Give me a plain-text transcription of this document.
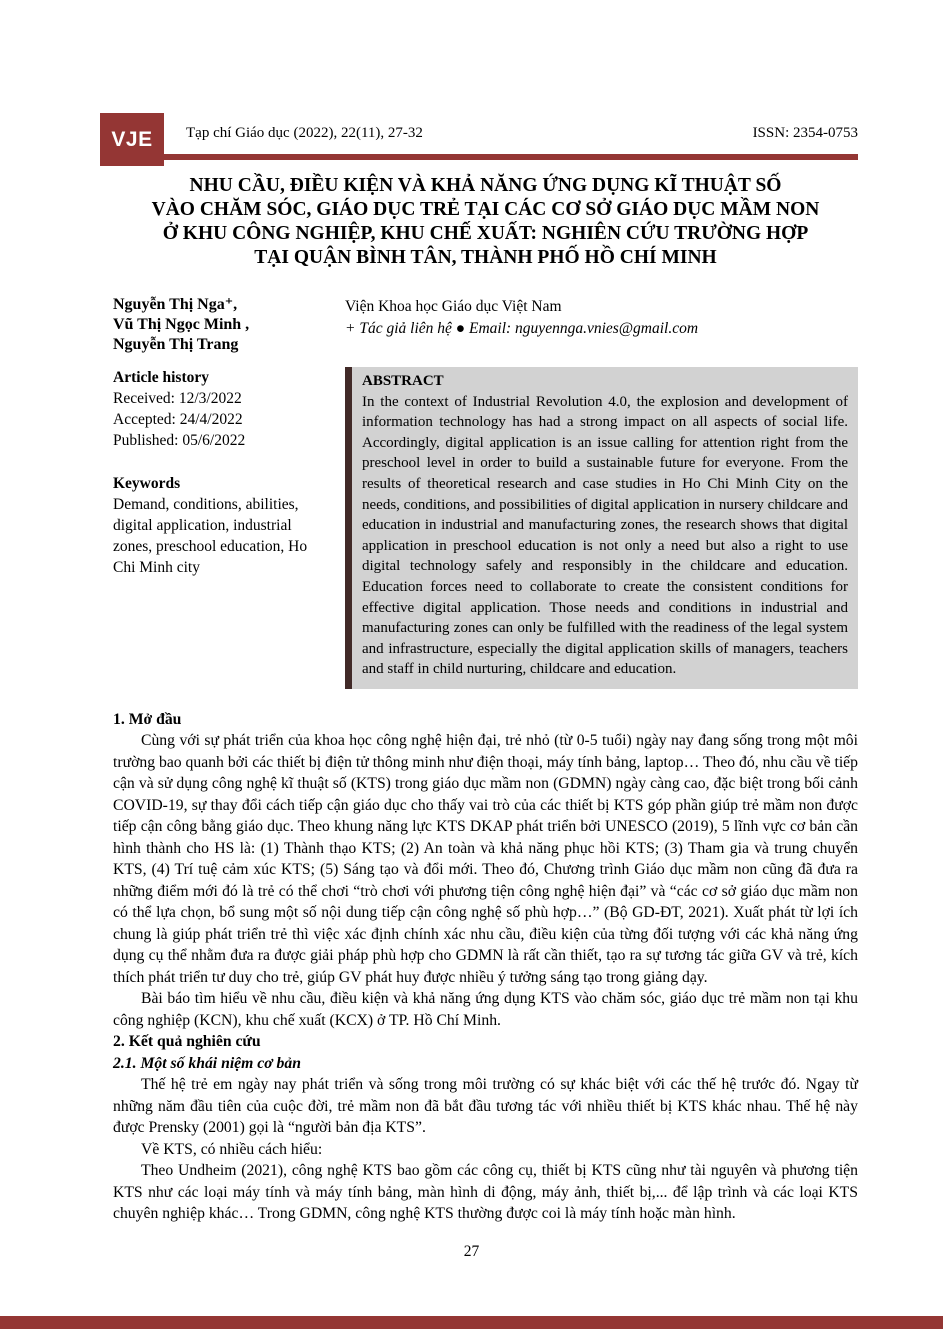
VJE	Tạp chí Giáo dục (2022), 22(11), 27-32	ISSN: 2354-0753
NHU CẦU, ĐIỀU KIỆN VÀ KHẢ NĂNG ỨNG DỤNG KĨ THUẬT SỐ
VÀO CHĂM SÓC, GIÁO DỤC TRẺ TẠI CÁC CƠ SỞ GIÁO DỤC MẦM NON
Ở KHU CÔNG NGHIỆP, KHU CHẾ XUẤT: NGHIÊN CỨU TRƯỜNG HỢP
TẠI QUẬN BÌNH TÂN, THÀNH PHỐ HỒ CHÍ MINH
Nguyễn Thị Nga⁺,
Vũ Thị Ngọc Minh ,
Nguyễn Thị Trang
Viện Khoa học Giáo dục Việt Nam
+ Tác giả liên hệ ● Email: nguyennga.vnies@gmail.com
Article history
Received: 12/3/2022
Accepted: 24/4/2022
Published: 05/6/2022
Keywords
Demand, conditions, abilities, digital application, industrial zones, preschool education, Ho Chi Minh city
ABSTRACT
In the context of Industrial Revolution 4.0, the explosion and development of information technology has had a strong impact on all aspects of social life. Accordingly, digital application is an issue calling for attention right from the preschool level in order to build a sustainable future for everyone. From the results of theoretical research and case studies in Ho Chi Minh City on the needs, conditions, and possibilities of digital application in nursery childcare and education in industrial and manufacturing zones, the research shows that digital application in preschool education is not only a need but also a right to use digital technology safely and responsibly in the childcare and education. Education forces need to collaborate to create the consistent conditions for effective digital application. Those needs and conditions in industrial and manufacturing zones can only be fulfilled with the readiness of the legal system and infrastructure, especially the digital application skills of managers, teachers and staff in child nurturing, childcare and education.
1. Mở đầu

Cùng với sự phát triển của khoa học công nghệ hiện đại, trẻ nhỏ (từ 0-5 tuổi) ngày nay đang sống trong một môi trường bao quanh bởi các thiết bị điện tử thông minh như điện thoại, máy tính bảng, laptop… Theo đó, nhu cầu về tiếp cận và sử dụng công nghệ kĩ thuật số (KTS) trong giáo dục mầm non (GDMN) ngày càng cao, đặc biệt trong bối cảnh COVID-19, sự thay đổi cách tiếp cận giáo dục cho thấy vai trò của các thiết bị KTS góp phần giúp trẻ mầm non được tiếp cận công bằng giáo dục. Theo khung năng lực KTS DKAP phát triển bởi UNESCO (2019), 5 lĩnh vực cơ bản cần hình thành cho HS là: (1) Thành thạo KTS; (2) An toàn và khả năng phục hồi KTS; (3) Tham gia và trung chuyển KTS, (4) Trí tuệ cảm xúc KTS; (5) Sáng tạo và đổi mới. Theo đó, Chương trình Giáo dục mầm non cũng đã đưa ra những điểm mới đó là trẻ có thể chơi “trò chơi với phương tiện công nghệ hiện đại” và “các cơ sở giáo dục mầm non có thể lựa chọn, bổ sung một số nội dung tiếp cận công nghệ số phù hợp…” (Bộ GD-ĐT, 2021). Xuất phát từ lợi ích chung là giúp phát triển trẻ thì việc xác định chính xác nhu cầu, điều kiện của từng đối tượng với các khả năng ứng dụng cụ thể nhằm đưa ra được giải pháp phù hợp cho GDMN là rất cần thiết, tạo ra sự tương tác giữa GV và trẻ, kích thích phát triển tư duy cho trẻ, giúp GV phát huy được nhiều ý tưởng sáng tạo trong giảng dạy.

Bài báo tìm hiểu về nhu cầu, điều kiện và khả năng ứng dụng KTS vào chăm sóc, giáo dục trẻ mầm non tại khu công nghiệp (KCN), khu chế xuất (KCX) ở TP. Hồ Chí Minh.

2. Kết quả nghiên cứu
2.1. Một số khái niệm cơ bản

Thế hệ trẻ em ngày nay phát triển và sống trong môi trường có sự khác biệt với các thế hệ trước đó. Ngay từ những năm đầu tiên của cuộc đời, trẻ mầm non đã bắt đầu tương tác với nhiều thiết bị KTS khác nhau. Thế hệ này được Prensky (2001) gọi là “người bản địa KTS”.

Về KTS, có nhiều cách hiểu:

Theo Undheim (2021), công nghệ KTS bao gồm các công cụ, thiết bị KTS cũng như tài nguyên và phương tiện KTS như các loại máy tính và máy tính bảng, màn hình di động, máy ảnh, thiết bị,... để lập trình và các loại KTS chuyên nghiệp khác… Trong GDMN, công nghệ KTS thường được coi là máy tính hoặc màn hình.

27
